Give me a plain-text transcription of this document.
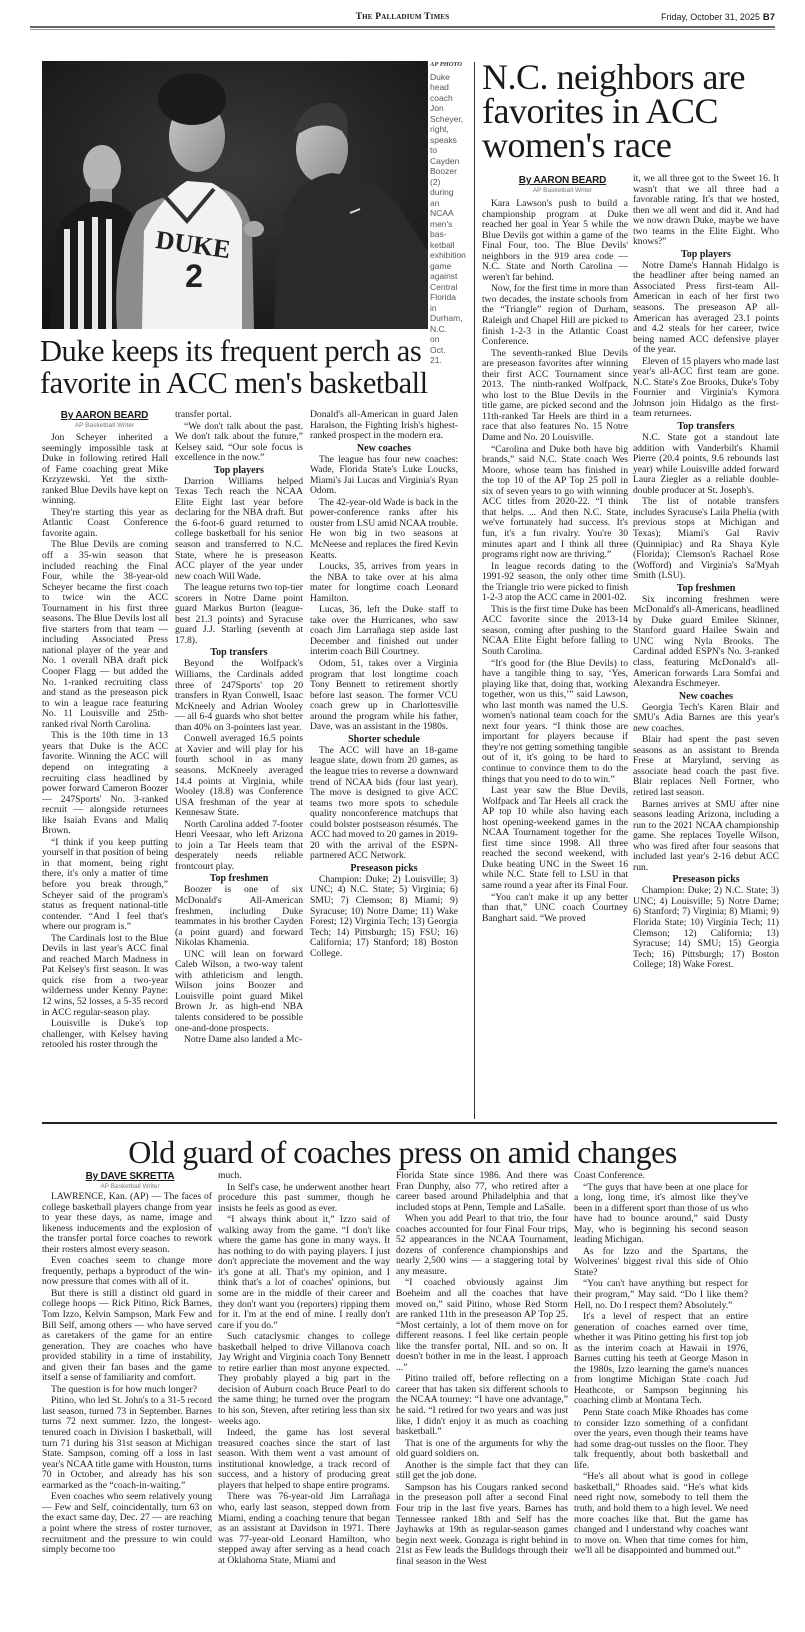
The Palladium Times	Friday, October 31, 2025 B7
DUKE
2
AP PHOTO
Duke head coach Jon Scheyer, right, speaks to Cayden Boozer (2) during an NCAA men's bas-ketball exhibition game against Central Florida in Durham, N.C. on Oct. 21.
N.C. neighbors are favorites in ACC women's race
By AARON BEARD
AP Basketball Writer

Kara Lawson's push to build a championship program at Duke reached her goal in Year 5 while the Blue Devils got within a game of the Final Four, too. The Blue Devils' neighbors in the 919 area code — N.C. State and North Carolina — weren't far behind.

Now, for the first time in more than two decades, the instate schools from the “Triangle” region of Durham, Raleigh and Chapel Hill are picked to finish 1-2-3 in the Atlantic Coast Conference.

The seventh-ranked Blue Devils are preseason favorites after winning their first ACC Tournament since 2013. The ninth-ranked Wolfpack, who lost to the Blue Devils in the title game, are picked second and the 11th-ranked Tar Heels are third in a race that also features No. 15 Notre Dame and No. 20 Louisville.

“Carolina and Duke both have big brands,” said N.C. State coach Wes Moore, whose team has finished in the top 10 of the AP Top 25 poll in six of seven years to go with winning ACC titles from 2020-22. “I think that helps. ... And then N.C. State, we've fortunately had success. It's fun, it's a fun rivalry. You're 30 minutes apart and I think all three programs right now are thriving.”

In league records dating to the 1991-92 season, the only other time the Triangle trio were picked to finish 1-2-3 atop the ACC came in 2001-02.

This is the first time Duke has been ACC favorite since the 2013-14 season, coming after pushing to the NCAA Elite Eight before falling to South Carolina.

“It's good for (the Blue Devils) to have a tangible thing to say, ‘Yes, playing like that, doing that, working together, won us this,’” said Lawson, who last month was named the U.S. women's national team coach for the next four years. “I think those are important for players because if they're not getting something tangible out of it, it's going to be hard to continue to convince them to do the things that you need to do to win.”

Last year saw the Blue Devils, Wolfpack and Tar Heels all crack the AP top 10 while also having each host opening-weekend games in the NCAA Tournament together for the first time since 1998. All three reached the second weekend, with Duke beating UNC in the Sweet 16 while N.C. State fell to LSU in that same round a year after its Final Four.

“You can't make it up any better than that,” UNC coach Courtney Banghart said. “We proved

it, we all three got to the Sweet 16. It wasn't that we all three had a favorable rating. It's that we hosted, then we all went and did it. And had we now drawn Duke, maybe we have two teams in the Elite Eight. Who knows?”

Top players

Notre Dame's Hannah Hidalgo is the headliner after being named an Associated Press first-team All-American in each of her first two seasons. The preseason AP all-American has averaged 23.1 points and 4.2 steals for her career, twice being named ACC defensive player of the year.

Eleven of 15 players who made last year's all-ACC first team are gone. N.C. State's Zoe Brooks, Duke's Toby Fournier and Virginia's Kymora Johnson join Hidalgo as the first-team returnees.

Top transfers

N.C. State got a standout late addition with Vanderbilt's Khamil Pierre (20.4 points, 9.6 rebounds last year) while Louisville added forward Laura Ziegler as a reliable double-double producer at St. Joseph's.

The list of notable transfers includes Syracuse's Laila Phelia (with previous stops at Michigan and Texas); Miami's Gal Raviv (Quinnipiac) and Ra Shaya Kyle (Florida); Clemson's Rachael Rose (Wofford) and Virginia's Sa'Myah Smith (LSU).

Top freshmen

Six incoming freshmen were McDonald's all-Americans, headlined by Duke guard Emilee Skinner, Stanford guard Hailee Swain and UNC wing Nyla Brooks. The Cardinal added ESPN's No. 3-ranked class, featuring McDonald's all-American forwards Lara Somfai and Alexandra Eschmeyer.

New coaches

Georgia Tech's Karen Blair and SMU's Adia Barnes are this year's new coaches.

Blair had spent the past seven seasons as an assistant to Brenda Frese at Maryland, serving as associate head coach the past five. Blair replaces Nell Fortner, who retired last season.

Barnes arrives at SMU after nine seasons leading Arizona, including a run to the 2021 NCAA championship game. She replaces Toyelle Wilson, who was fired after four seasons that included last year's 2-16 debut ACC run.

Preseason picks

Champion: Duke; 2) N.C. State; 3) UNC; 4) Louisville; 5) Notre Dame; 6) Stanford; 7) Virginia; 8) Miami; 9) Florida State; 10) Virginia Tech; 11) Clemson; 12) California; 13) Syracuse; 14) SMU; 15) Georgia Tech; 16) Pittsburgh; 17) Boston College; 18) Wake Forest.

Duke keeps its frequent perch as favorite in ACC men's basketball
By AARON BEARD
AP Basketball Writer

Jon Scheyer inherited a seemingly impossible task at Duke in following retired Hall of Fame coaching great Mike Krzyzewski. Yet the sixth-ranked Blue Devils have kept on winning.

They're starting this year as Atlantic Coast Conference favorite again.

The Blue Devils are coming off a 35-win season that included reaching the Final Four, while the 38-year-old Scheyer became the first coach to twice win the ACC Tournament in his first three seasons. The Blue Devils lost all five starters from that team — including Associated Press national player of the year and No. 1 overall NBA draft pick Cooper Flagg — but added the No. 1-ranked recruiting class and stand as the preseason pick to win a league race featuring No. 11 Louisville and 25th-ranked rival North Carolina.

This is the 10th time in 13 years that Duke is the ACC favorite. Winning the ACC will depend on integrating a recruiting class headlined by power forward Cameron Boozer — 247Sports' No. 3-ranked recruit — alongside returnees like Isaiah Evans and Maliq Brown.

“I think if you keep putting yourself in that position of being in that moment, being right there, it's only a matter of time before you break through,” Scheyer said of the program's status as frequent national-title contender. “And I feel that's where our program is.”

The Cardinals lost to the Blue Devils in last year's ACC final and reached March Madness in Pat Kelsey's first season. It was quick rise from a two-year wilderness under Kenny Payne: 12 wins, 52 losses, a 5-35 record in ACC regular-season play.

Louisville is Duke's top challenger, with Kelsey having retooled his roster through the

transfer portal.

“We don't talk about the past. We don't talk about the future,” Kelsey said. “Our sole focus is excellence in the now.”

Top players

Darrion Williams helped Texas Tech reach the NCAA Elite Eight last year before declaring for the NBA draft. But the 6-foot-6 guard returned to college basketball for his senior season and transferred to N.C. State, where he is preseason ACC player of the year under new coach Will Wade.

The league returns two top-tier scorers in Notre Dame point guard Markus Burton (league-best 21.3 points) and Syracuse guard J.J. Starling (seventh at 17.8).

Top transfers

Beyond the Wolfpack's Williams, the Cardinals added three of 247Sports' top 20 transfers in Ryan Conwell, Isaac McKneely and Adrian Wooley — all 6-4 guards who shot better than 40% on 3-pointers last year.

Conwell averaged 16.5 points at Xavier and will play for his fourth school in as many seasons. McKneely averaged 14.4 points at Virginia, while Wooley (18.8) was Conference USA freshman of the year at Kennesaw State.

North Carolina added 7-footer Henri Veesaar, who left Arizona to join a Tar Heels team that desperately needs reliable frontcourt play.

Top freshmen

Boozer is one of six McDonald's All-American freshmen, including Duke teammates in his brother Cayden (a point guard) and forward Nikolas Khamenia.

UNC will lean on forward Caleb Wilson, a two-way talent with athleticism and length. Wilson joins Boozer and Louisville point guard Mikel Brown Jr. as high-end NBA talents considered to be possible one-and-done prospects.

Notre Dame also landed a Mc-

Donald's all-American in guard Jalen Haralson, the Fighting Irish's highest-ranked prospect in the modern era.

New coaches

The league has four new coaches: Wade, Florida State's Luke Loucks, Miami's Jai Lucas and Virginia's Ryan Odom.

The 42-year-old Wade is back in the power-conference ranks after his ouster from LSU amid NCAA trouble. He won big in two seasons at McNeese and replaces the fired Kevin Keatts.

Loucks, 35, arrives from years in the NBA to take over at his alma mater for longtime coach Leonard Hamilton.

Lucas, 36, left the Duke staff to take over the Hurricanes, who saw coach Jim Larrañaga step aside last December and finished out under interim coach Bill Courtney.

Odom, 51, takes over a Virginia program that lost longtime coach Tony Bennett to retirement shortly before last season. The former VCU coach grew up in Charlottesville around the program while his father, Dave, was an assistant in the 1980s.

Shorter schedule

The ACC will have an 18-game league slate, down from 20 games, as the league tries to reverse a downward trend of NCAA bids (four last year). The move is designed to give ACC teams two more spots to schedule quality nonconference matchups that could bolster postseason résumés. The ACC had moved to 20 games in 2019-20 with the arrival of the ESPN-partnered ACC Network.

Preseason picks

Champion: Duke; 2) Louisville; 3) UNC; 4) N.C. State; 5) Virginia; 6) SMU; 7) Clemson; 8) Miami; 9) Syracuse; 10) Notre Dame; 11) Wake Forest; 12) Virginia Tech; 13) Georgia Tech; 14) Pittsburgh; 15) FSU; 16) California; 17) Stanford; 18) Boston College.

Old guard of coaches press on amid changes
By DAVE SKRETTA
AP Basketball Writer

LAWRENCE, Kan. (AP) — The faces of college basketball players change from year to year these days, as name, image and likeness inducements and the explosion of the transfer portal force coaches to rework their rosters almost every season.

Even coaches seem to change more frequently, perhaps a byproduct of the win-now pressure that comes with all of it.

But there is still a distinct old guard in college hoops — Rick Pitino, Rick Barnes, Tom Izzo, Kelvin Sampson, Mark Few and Bill Self, among others — who have served as caretakers of the game for an entire generation. They are coaches who have provided stability in a time of instability, and given their fan bases and the game itself a sense of familiarity and comfort.

The question is for how much longer?

Pitino, who led St. John's to a 31-5 record last season, turned 73 in September. Barnes turns 72 next summer. Izzo, the longest-tenured coach in Division I basketball, will turn 71 during his 31st season at Michigan State. Sampson, coming off a loss in last year's NCAA title game with Houston, turns 70 in October, and already has his son earmarked as the “coach-in-waiting.”

Even coaches who seem relatively young — Few and Self, coincidentally, turn 63 on the exact same day, Dec. 27 — are reaching a point where the stress of roster turnover, recruitment and the pressure to win could simply become too

much.

In Self's case, he underwent another heart procedure this past summer, though he insists he feels as good as ever.

“I always think about it,” Izzo said of walking away from the game. “I don't like where the game has gone in many ways. It has nothing to do with paying players. I just don't appreciate the movement and the way it's gone at all. That's my opinion, and I think that's a lot of coaches' opinions, but some are in the middle of their career and they don't want you (reporters) ripping them for it. I'm at the end of mine. I really don't care if you do.”

Such cataclysmic changes to college basketball helped to drive Villanova coach Jay Wright and Virginia coach Tony Bennett to retire earlier than most anyone expected. They probably played a big part in the decision of Auburn coach Bruce Pearl to do the same thing; he turned over the program to his son, Steven, after retiring less than six weeks ago.

Indeed, the game has lost several treasured coaches since the start of last season. With them went a vast amount of institutional knowledge, a track record of success, and a history of producing great players that helped to shape entire programs.

There was 76-year-old Jim Larrañaga who, early last season, stepped down from Miami, ending a coaching tenure that began as an assistant at Davidson in 1971. There was 77-year-old Leonard Hamilton, who stepped away after serving as a head coach at Oklahoma State, Miami and

Florida State since 1986. And there was Fran Dunphy, also 77, who retired after a career based around Philadelphia and that included stops at Penn, Temple and LaSalle.

When you add Pearl to that trio, the four coaches accounted for four Final Four trips, 52 appearances in the NCAA Tournament, dozens of conference championships and nearly 2,500 wins — a staggering total by any measure.

“I coached obviously against Jim Boeheim and all the coaches that have moved on,” said Pitino, whose Red Storm are ranked 11th in the preseason AP Top 25. “Most certainly, a lot of them move on for different reasons. I feel like certain people like the transfer portal, NIL and so on. It doesn't bother in me in the least. I approach ...”

Pitino trailed off, before reflecting on a career that has taken six different schools to the NCAA tourney: “I have one advantage,” he said. “I retired for two years and was just like, I didn't enjoy it as much as coaching basketball.”

That is one of the arguments for why the old guard soldiers on.

Another is the simple fact that they can still get the job done.

Sampson has his Cougars ranked second in the preseason poll after a second Final Four trip in the last five years. Barnes has Tennessee ranked 18th and Self has the Jayhawks at 19th as regular-season games begin next week. Gonzaga is right behind in 21st as Few leads the Bulldogs through their final season in the West

Coast Conference.

“The guys that have been at one place for a long, long time, it's almost like they've been in a different sport than those of us who have had to bounce around,” said Dusty May, who is beginning his second season leading Michigan.

As for Izzo and the Spartans, the Wolverines' biggest rival this side of Ohio State?

“You can't have anything but respect for their program,” May said. “Do I like them? Hell, no. Do I respect them? Absolutely.”

It's a level of respect that an entire generation of coaches earned over time, whether it was Pitino getting his first top job as the interim coach at Hawaii in 1976, Barnes cutting his teeth at George Mason in the 1980s, Izzo learning the game's nuances from longtime Michigan State coach Jud Heathcote, or Sampson beginning his coaching climb at Montana Tech.

Penn State coach Mike Rhoades has come to consider Izzo something of a confidant over the years, even though their teams have had some drag-out tussles on the floor. They talk frequently, about both basketball and life.

“He's all about what is good in college basketball,” Rhoades said. “He's what kids need right now, somebody to tell them the truth, and hold them to a high level. We need more coaches like that. But the game has changed and I understand why coaches want to move on. When that time comes for him, we'll all be disappointed and bummed out.”
